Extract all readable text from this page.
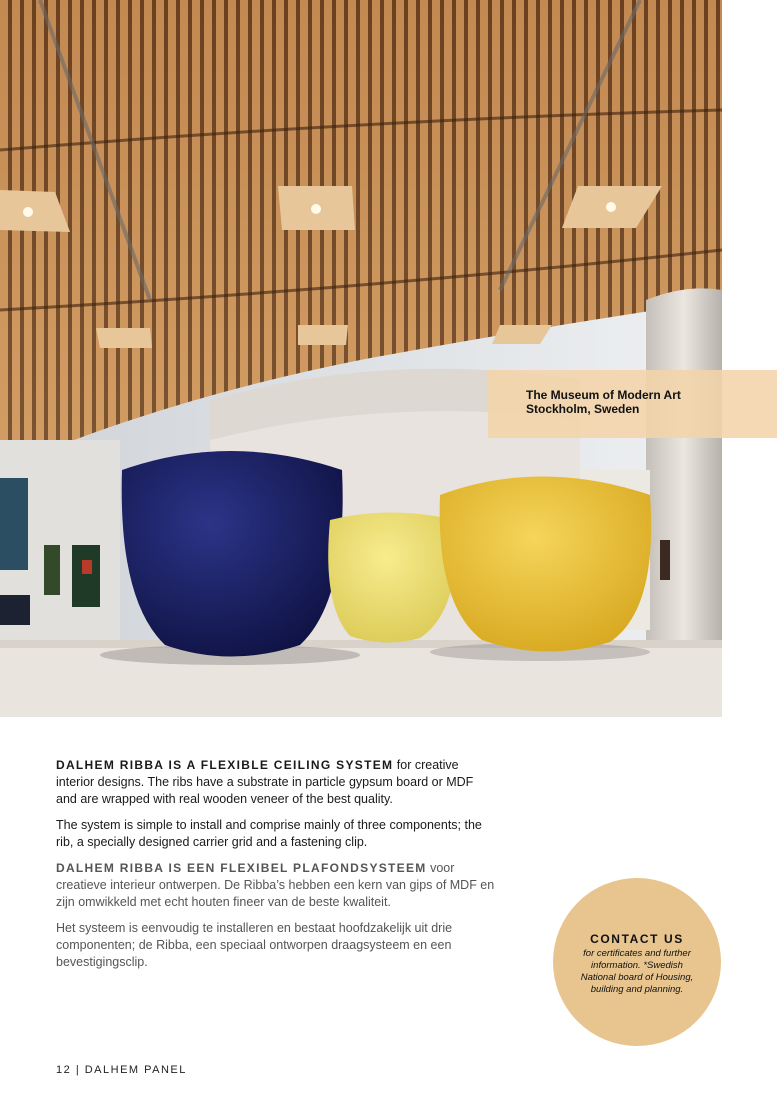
The Museum of Modern Art
Stockholm, Sweden

DALHEM RIBBA IS A FLEXIBLE CEILING SYSTEM for creative interior designs. The ribs have a substrate in particle gypsum board or MDF and are wrapped with real wooden veneer of the best quality.

The system is simple to install and comprise mainly of three components; the rib, a specially designed carrier grid and a fastening clip.

DALHEM RIBBA IS EEN FLEXIBEL PLAFONDSYSTEEM voor creatieve interieur ontwerpen. De Ribba’s hebben een kern van gips of MDF en zijn omwikkeld met echt houten fineer van de beste kwaliteit.

Het systeem is eenvoudig te installeren en bestaat hoofdzakelijk uit drie componenten; de Ribba, een speciaal ontworpen draagsysteem en een bevestigingsclip.

CONTACT US
for certificates and further information. *Swedish National board of Housing, building and planning.
12 | DALHEM PANEL
